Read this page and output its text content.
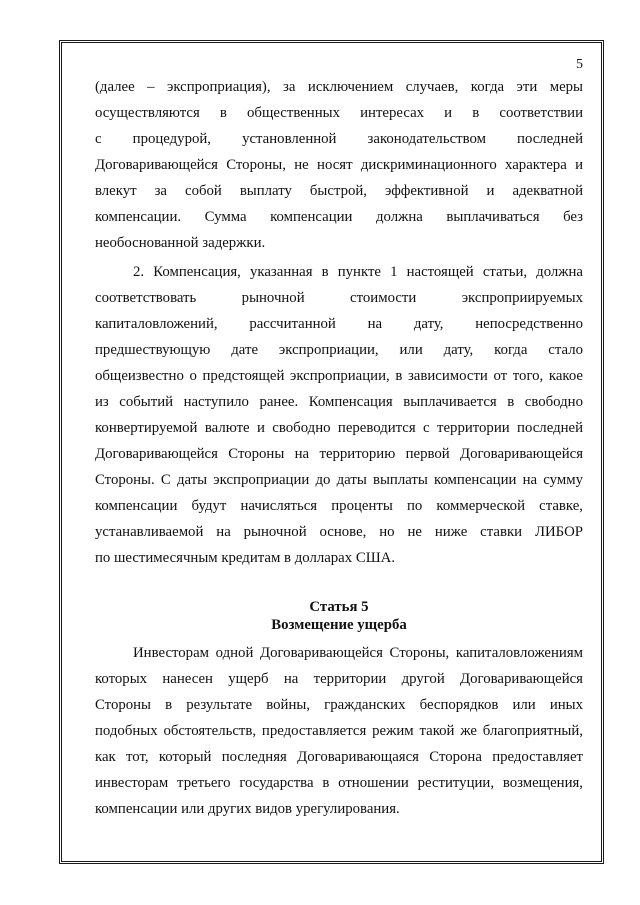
5
(далее – экспроприация), за исключением случаев, когда эти меры
осуществляются в общественных интересах и в соответствии
с процедурой, установленной законодательством последней
Договаривающейся Стороны, не носят дискриминационного характера и
влекут за собой выплату быстрой, эффективной и адекватной
компенсации. Сумма компенсации должна выплачиваться без
необоснованной задержки.
2. Компенсация, указанная в пункте 1 настоящей статьи, должна
соответствовать рыночной стоимости экспроприируемых
капиталовложений, рассчитанной на дату, непосредственно
предшествующую дате экспроприации, или дату, когда стало
общеизвестно о предстоящей экспроприации, в зависимости от того, какое
из событий наступило ранее. Компенсация выплачивается в свободно
конвертируемой валюте и свободно переводится с территории последней
Договаривающейся Стороны на территорию первой Договаривающейся
Стороны. С даты экспроприации до даты выплаты компенсации на сумму
компенсации будут начисляться проценты по коммерческой ставке,
устанавливаемой на рыночной основе, но не ниже ставки ЛИБОР
по шестимесячным кредитам в долларах США.
Статья 5
Возмещение ущерба
Инвесторам одной Договаривающейся Стороны, капиталовложениям
которых нанесен ущерб на территории другой Договаривающейся
Стороны в результате войны, гражданских беспорядков или иных
подобных обстоятельств, предоставляется режим такой же благоприятный,
как тот, который последняя Договаривающаяся Сторона предоставляет
инвесторам третьего государства в отношении реституции, возмещения,
компенсации или других видов урегулирования.
